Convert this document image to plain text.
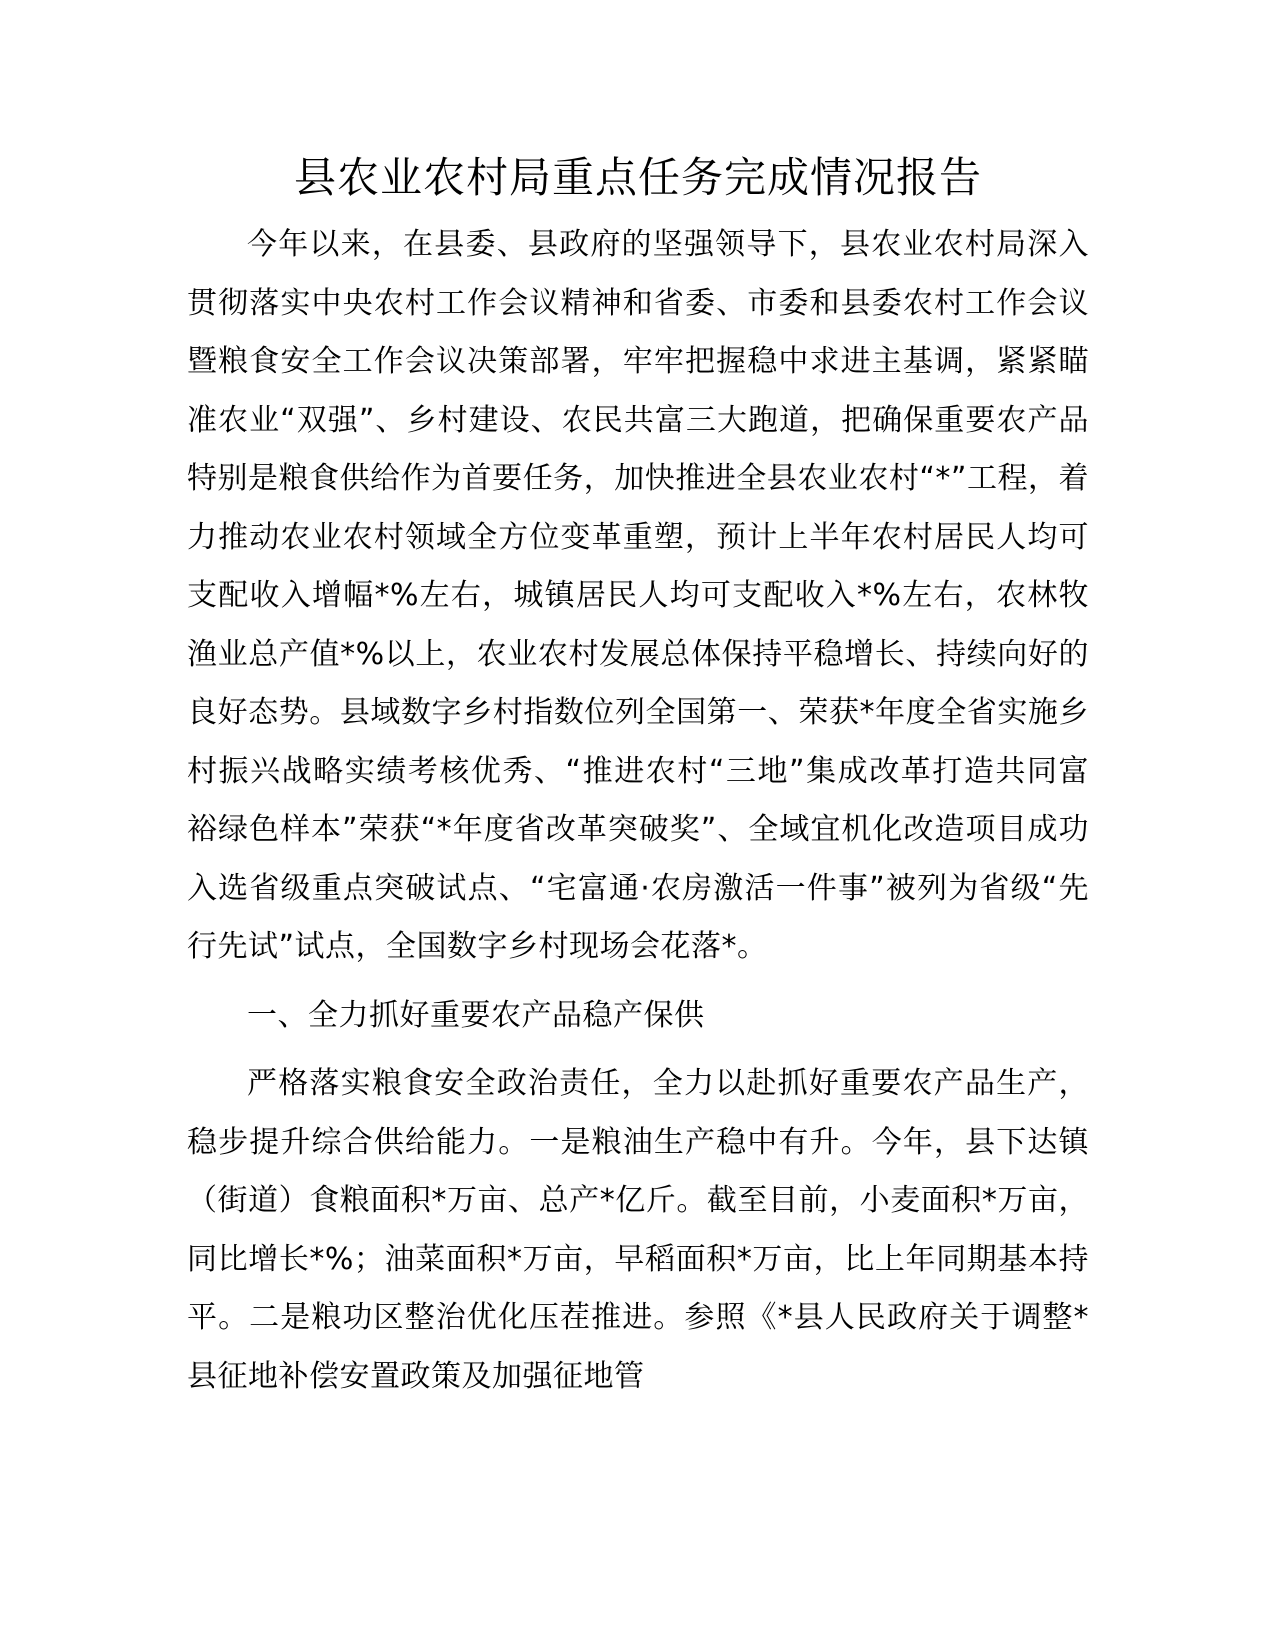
县农业农村局重点任务完成情况报告

今年以来，在县委、县政府的坚强领导下，县农业农村局深入贯彻落实中央农村工作会议精神和省委、市委和县委农村工作会议暨粮食安全工作会议决策部署，牢牢把握稳中求进主基调，紧紧瞄准农业“双强”、乡村建设、农民共富三大跑道，把确保重要农产品特别是粮食供给作为首要任务，加快推进全县农业农村“*”工程，着力推动农业农村领域全方位变革重塑，预计上半年农村居民人均可支配收入增幅*%左右，城镇居民人均可支配收入*%左右，农林牧渔业总产值*%以上，农业农村发展总体保持平稳增长、持续向好的良好态势。县域数字乡村指数位列全国第一、荣获*年度全省实施乡村振兴战略实绩考核优秀、“推进农村“三地”集成改革打造共同富裕绿色样本”荣获“*年度省改革突破奖”、全域宜机化改造项目成功入选省级重点突破试点、“宅富通·农房激活一件事”被列为省级“先行先试”试点，全国数字乡村现场会花落*。

一、全力抓好重要农产品稳产保供

严格落实粮食安全政治责任，全力以赴抓好重要农产品生产，稳步提升综合供给能力。一是粮油生产稳中有升。今年，县下达镇（街道）食粮面积*万亩、总产*亿斤。截至目前，小麦面积*万亩，同比增长*%；油菜面积*万亩，早稻面积*万亩，比上年同期基本持平。二是粮功区整治优化压茬推进。参照《*县人民政府关于调整*县征地补偿安置政策及加强征地管
